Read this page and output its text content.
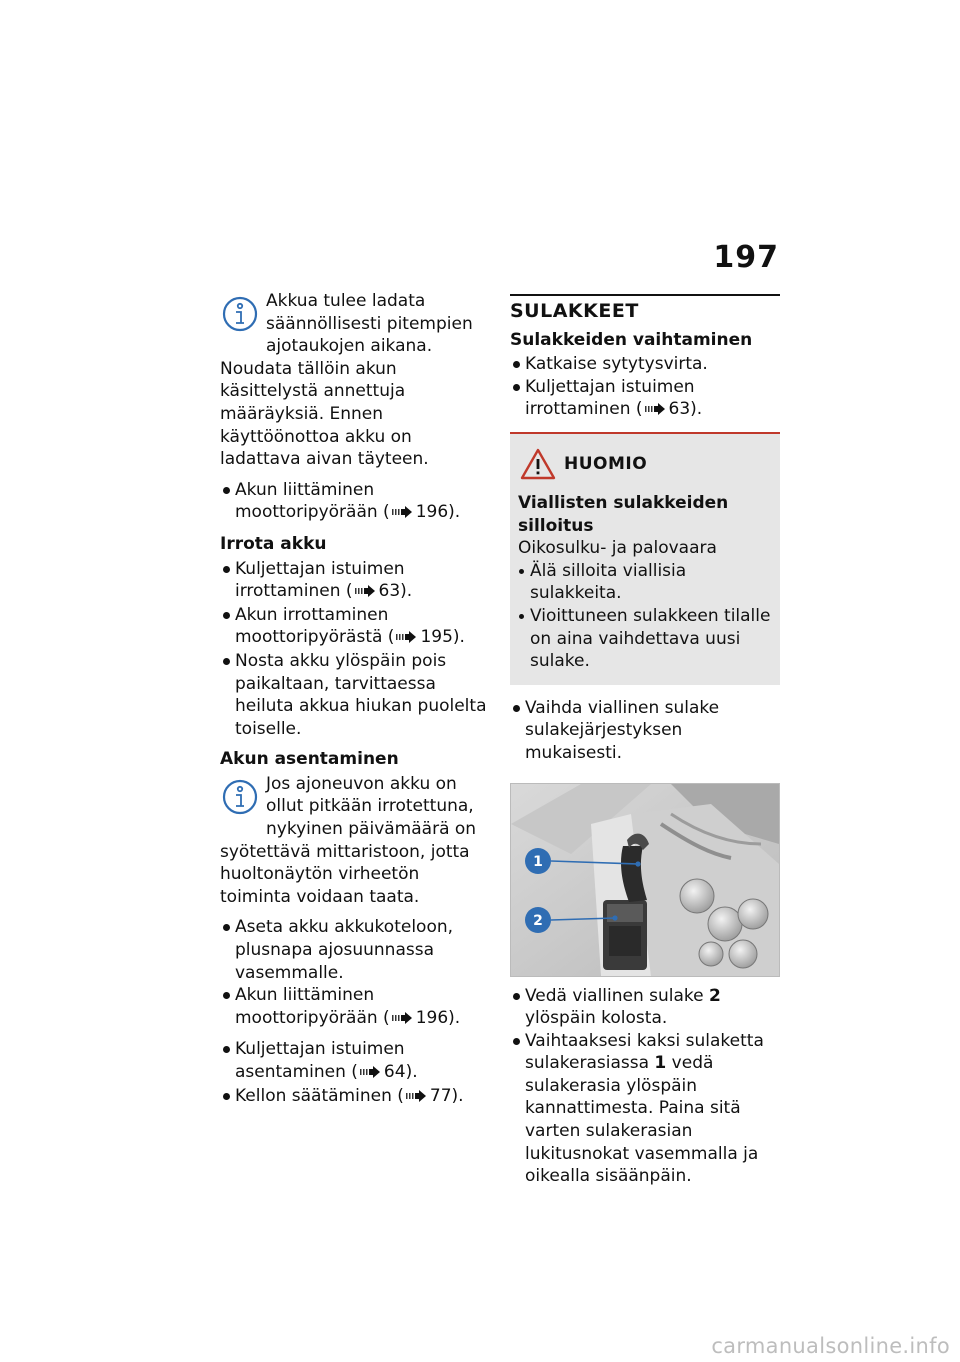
197
Akkua tulee ladata säännöllisesti pitempien ajotaukojen aikana. Noudata tällöin akun käsittelystä annettuja määräyksiä. Ennen käyttöönottoa akku on ladattava aivan täyteen.
Akun liittäminen moottoripyörään ( 196).
Irrota akku
Kuljettajan istuimen irrottaminen ( 63).
Akun irrottaminen moottoripyörästä ( 195).
Nosta akku ylöspäin pois paikaltaan, tarvittaessa heiluta akkua hiukan puolelta toiselle.
Akun asentaminen
Jos ajoneuvon akku on ollut pitkään irrotettuna, nykyinen päivämäärä on syötettävä mittaristoon, jotta huoltonäytön virheetön toiminta voidaan taata.
Aseta akku akkukoteloon, plusnapa ajosuunnassa vasemmalle.
Akun liittäminen moottoripyörään ( 196).
Kuljettajan istuimen asentaminen ( 64).
Kellon säätäminen ( 77).
SULAKKEET
Sulakkeiden vaihtaminen
Katkaise sytytysvirta.
Kuljettajan istuimen irrottaminen ( 63).
HUOMIO
Viallisten sulakkeiden silloitus
Oikosulku- ja palovaara
Älä silloita viallisia sulakkeita.
Vioittuneen sulakkeen tilalle on aina vaihdettava uusi sulake.
Vaihda viallinen sulake sulakejärjestyksen mukaisesti.
1
2
Vedä viallinen sulake 2 ylöspäin kolosta.
Vaihtaaksesi kaksi sulaketta sulakerasiassa 1 vedä sulakerasia ylöspäin kannattimesta. Paina sitä varten sulakerasian lukitusnokat vasemmalla ja oikealla sisäänpäin.
carmanualsonline.info
